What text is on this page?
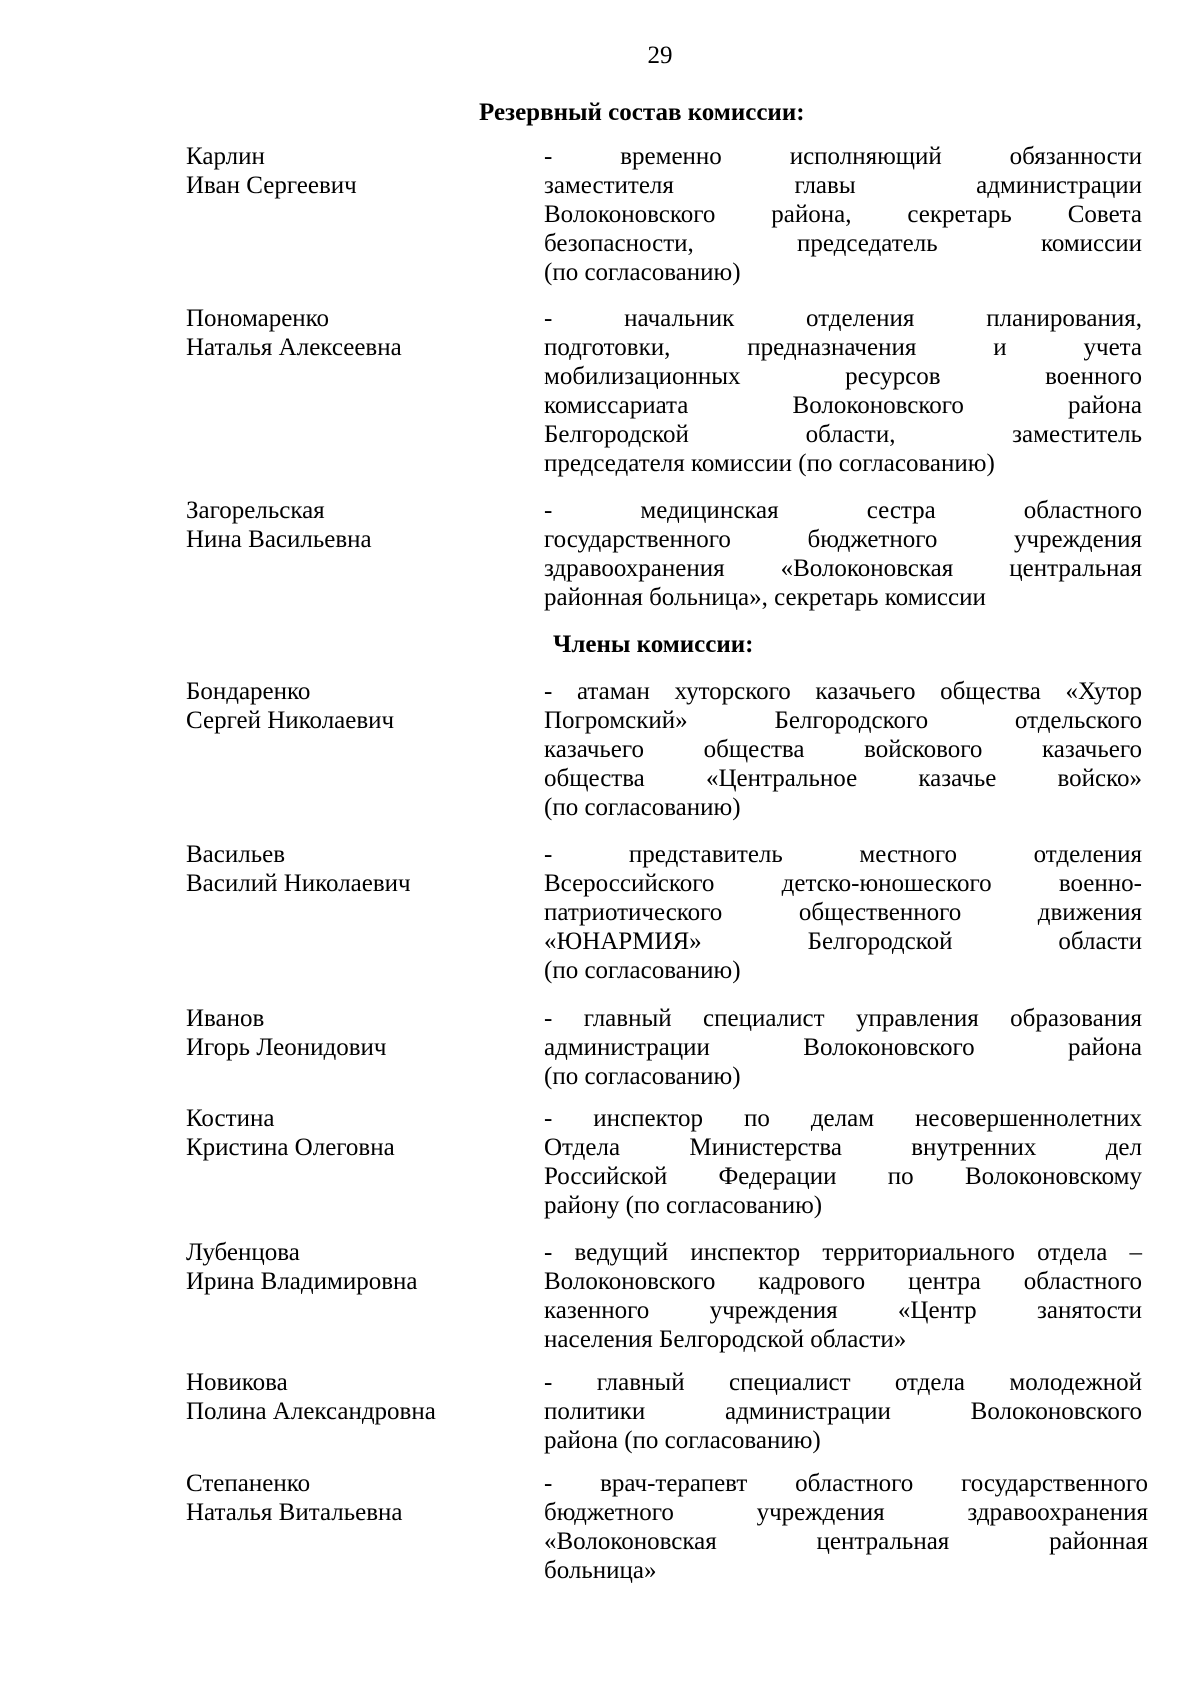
29
Резервный состав комиссии:
Карлин
Иван Сергеевич
- временно исполняющий обязанности
заместителя главы администрации
Волоконовского района, секретарь Совета
безопасности, председатель комиссии
(по согласованию)
Пономаренко
Наталья Алексеевна
- начальник отделения планирования,
подготовки, предназначения и учета
мобилизационных ресурсов военного
комиссариата Волоконовского района
Белгородской области, заместитель
председателя комиссии (по согласованию)
Загорельская
Нина Васильевна
- медицинская сестра областного
государственного бюджетного учреждения
здравоохранения «Волоконовская центральная
районная больница», секретарь комиссии
Члены комиссии:
Бондаренко
Сергей Николаевич
- атаман хуторского казачьего общества «Хутор
Погромский» Белгородского отдельского
казачьего общества войскового казачьего
общества «Центральное казачье войско»
(по согласованию)
Васильев
Василий Николаевич
- представитель местного отделения
Всероссийского детско-юношеского военно-
патриотического общественного движения
«ЮНАРМИЯ» Белгородской области
(по согласованию)
Иванов
Игорь Леонидович
- главный специалист управления образования
администрации Волоконовского района
(по согласованию)
Костина
Кристина Олеговна
- инспектор по делам несовершеннолетних
Отдела Министерства внутренних дел
Российской Федерации по Волоконовскому
району (по согласованию)
Лубенцова
Ирина Владимировна
- ведущий инспектор территориального отдела –
Волоконовского кадрового центра областного
казенного учреждения «Центр занятости
населения Белгородской области»
Новикова
Полина Александровна
- главный специалист отдела молодежной
политики администрации Волоконовского
района (по согласованию)
Степаненко
Наталья Витальевна
- врач-терапевт областного государственного
бюджетного учреждения здравоохранения
«Волоконовская центральная районная
больница»
